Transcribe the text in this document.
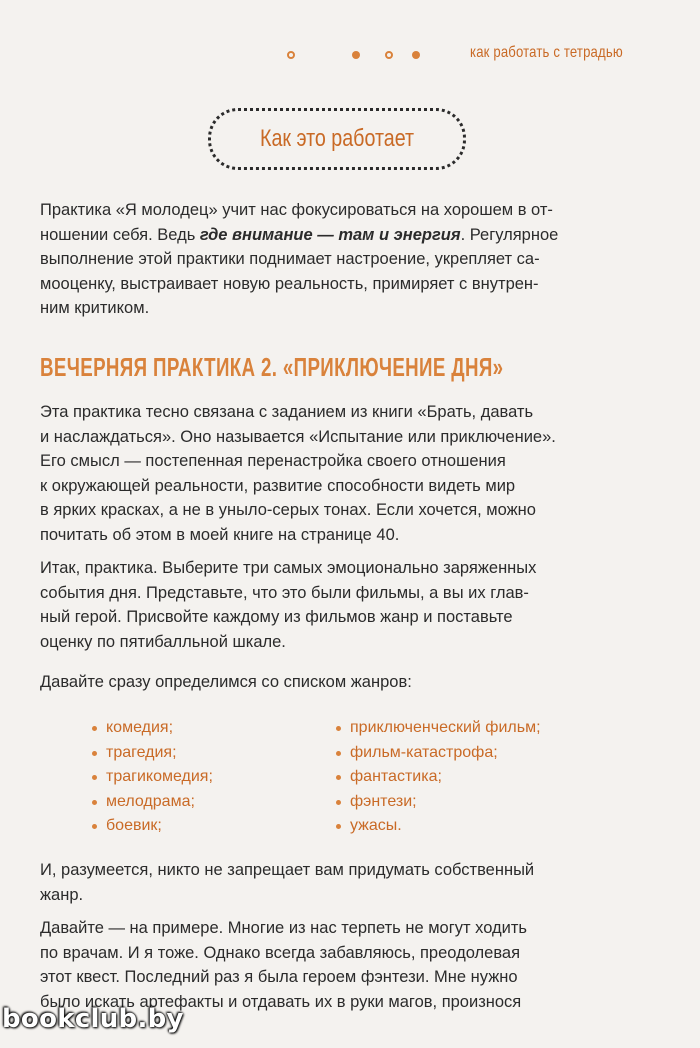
как работать с тетрадью
Как это работает
Практика «Я молодец» учит нас фокусироваться на хорошем в от-
ношении себя. Ведь где внимание — там и энергия. Регулярное
выполнение этой практики поднимает настроение, укрепляет са-
мооценку, выстраивает новую реальность, примиряет с внутрен-
ним критиком.
ВЕЧЕРНЯЯ ПРАКТИКА 2. «ПРИКЛЮЧЕНИЕ ДНЯ»
Эта практика тесно связана с заданием из книги «Брать, давать
и наслаждаться». Оно называется «Испытание или приключение».
Его смысл — постепенная перенастройка своего отношения
к окружающей реальности, развитие способности видеть мир
в ярких красках, а не в уныло-серых тонах. Если хочется, можно
почитать об этом в моей книге на странице 40.
Итак, практика. Выберите три самых эмоционально заряженных
события дня. Представьте, что это были фильмы, а вы их глав-
ный герой. Присвойте каждому из фильмов жанр и поставьте
оценку по пятибалльной шкале.
Давайте сразу определимся со списком жанров:
комедия;
трагедия;
трагикомедия;
мелодрама;
боевик;
приключенческий фильм;
фильм-катастрофа;
фантастика;
фэнтези;
ужасы.
И, разумеется, никто не запрещает вам придумать собственный
жанр.
Давайте — на примере. Многие из нас терпеть не могут ходить
по врачам. И я тоже. Однако всегда забавляюсь, преодолевая
этот квест. Последний раз я была героем фэнтези. Мне нужно
было искать артефакты и отдавать их в руки магов, произнося
bookclub.by
